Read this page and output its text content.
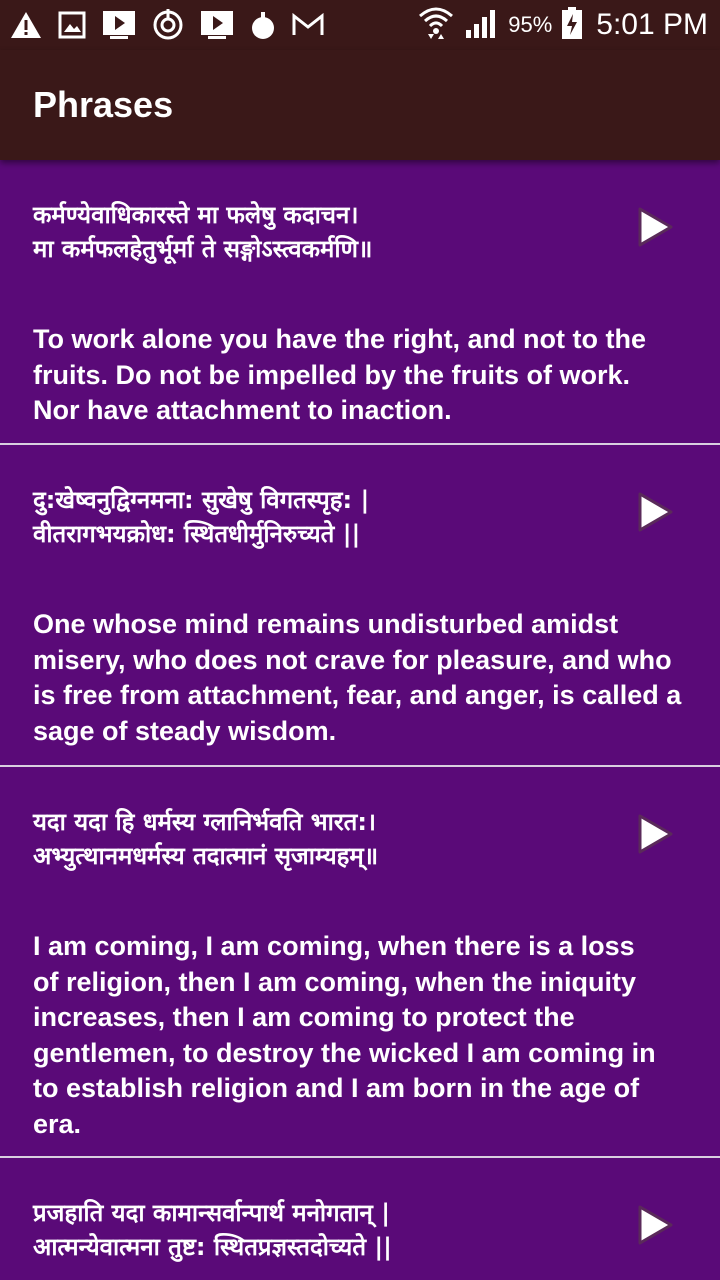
95% 5:01 PM
Phrases
कर्मण्येवाधिकारस्ते मा फलेषु कदाचन।
मा कर्मफलहेतुर्भूर्मा ते सङ्गोऽस्त्वकर्मणि॥
To work alone you have the right, and not to the
fruits. Do not be impelled by the fruits of work.
Nor have attachment to inaction.
दु:खेष्वनुद्विग्नमना: सुखेषु विगतस्पृह: |
वीतरागभयक्रोध: स्थितधीर्मुनिरुच्यते ||
One whose mind remains undisturbed amidst
misery, who does not crave for pleasure, and who
is free from attachment, fear, and anger, is called a
sage of steady wisdom.
यदा यदा हि धर्मस्य ग्लानिर्भवति भारत:।
अभ्युत्थानमधर्मस्य तदात्मानं सृजाम्यहम्॥
I am coming, I am coming, when there is a loss
of religion, then I am coming, when the iniquity
increases, then I am coming to protect the
gentlemen, to destroy the wicked I am coming in
to establish religion and I am born in the age of
era.
प्रजहाति यदा कामान्सर्वान्पार्थ मनोगतान् |
आत्मन्येवात्मना तुष्ट: स्थितप्रज्ञस्तदोच्यते ||
